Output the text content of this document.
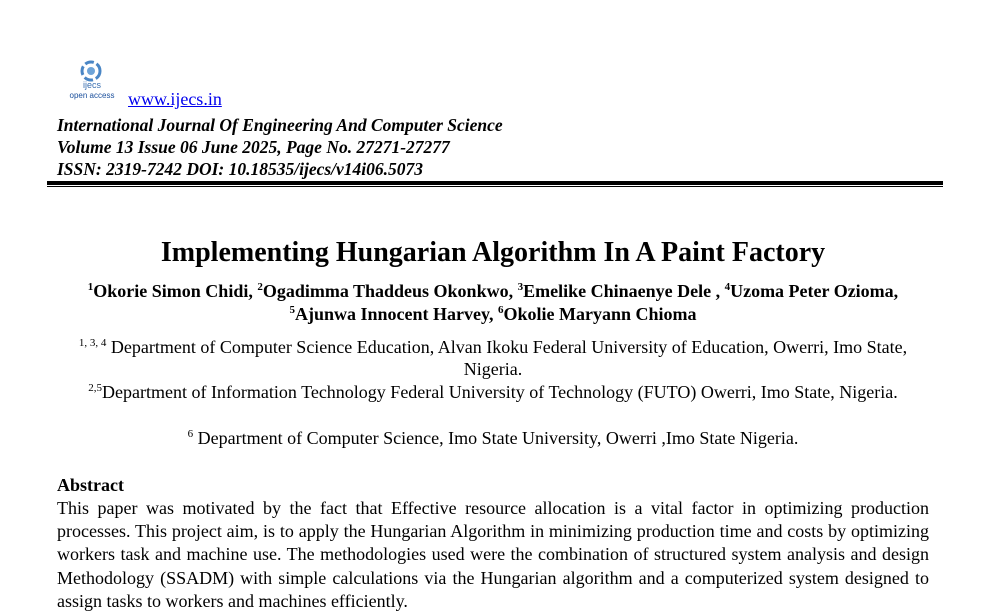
ijecs
open access www.ijecs.in
International Journal Of Engineering And Computer Science
Volume 13 Issue 06 June 2025, Page No. 27271-27277
ISSN: 2319-7242 DOI: 10.18535/ijecs/v14i06.5073
Implementing Hungarian Algorithm In A Paint Factory
$^1$Okorie Simon Chidi, $^2$Ogadimma Thaddeus Okonkwo, $^3$Emelike Chinaenye Dele , $^4$Uzoma Peter Ozioma, $^5$Ajunwa Innocent Harvey, $^6$Okolie Maryann Chioma
$^{1, 3, 4}$ Department of Computer Science Education, Alvan Ikoku Federal University of Education, Owerri, Imo State, Nigeria.
$^{2,5}$Department of Information Technology Federal University of Technology (FUTO) Owerri, Imo State, Nigeria.
$^6$ Department of Computer Science, Imo State University, Owerri ,Imo State Nigeria.
Abstract
This paper was motivated by the fact that Effective resource allocation is a vital factor in optimizing production processes. This project aim, is to apply the Hungarian Algorithm in minimizing production time and costs by optimizing workers task and machine use. The methodologies used were the combination of structured system analysis and design Methodology (SSADM) with simple calculations via the Hungarian algorithm and a computerized system designed to assign tasks to workers and machines efficiently.
